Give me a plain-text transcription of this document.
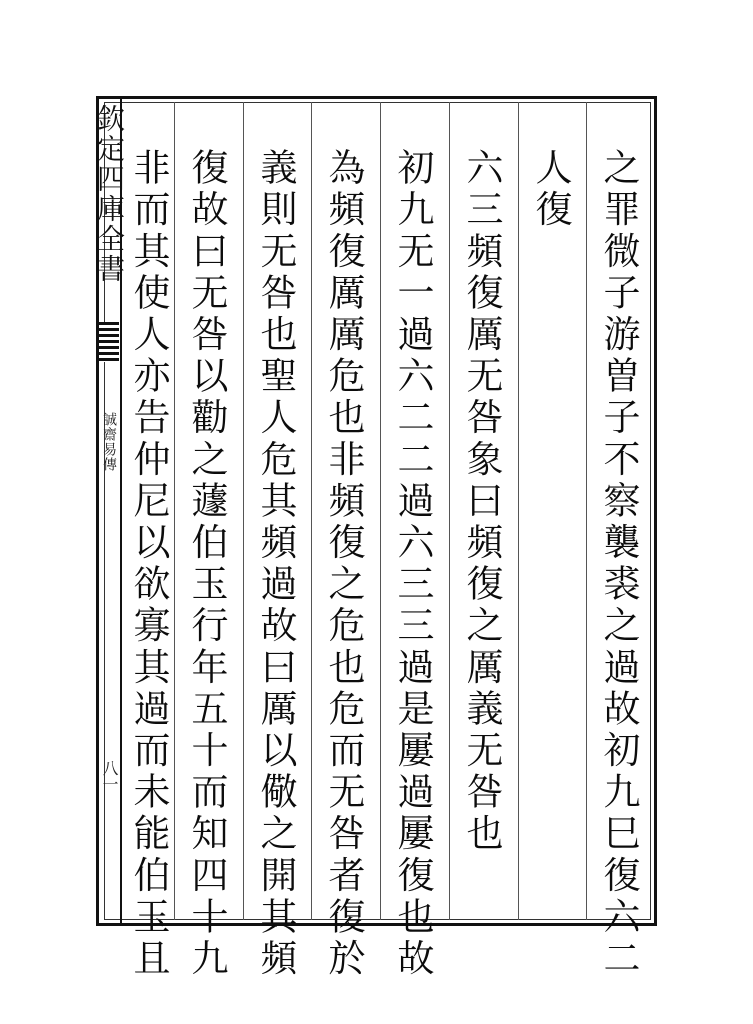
欽定四庫全書
誠齋易傳
八一	之罪微子游曽子不察襲裘之過故初九巳復六二
人復
六三頻復厲无咎象曰頻復之厲義无咎也
初九无一過六二二過六三三過是屢過屢復也故
為頻復厲厲危也非頻復之危也危而无咎者復於
義則无咎也聖人危其頻過故曰厲以儆之開其頻
復故曰无咎以勸之蘧伯玉行年五十而知四十九
非而其使人亦告仲尼以欲寡其過而未能伯玉且
